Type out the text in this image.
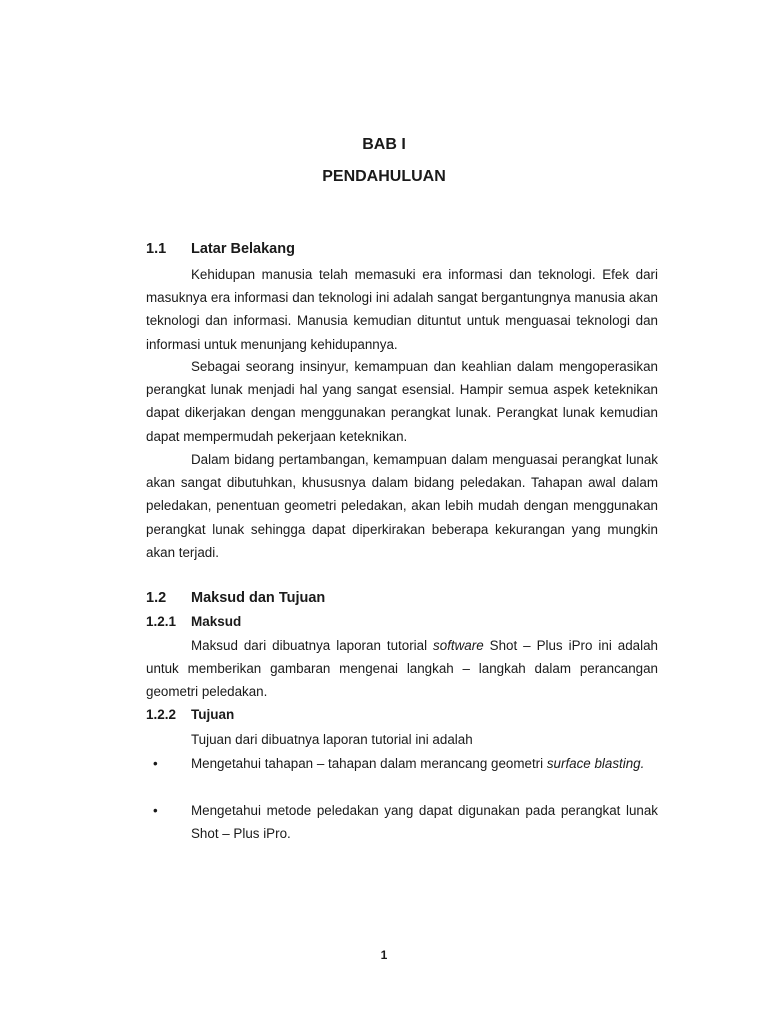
BAB I
PENDAHULUAN
1.1 Latar Belakang

Kehidupan manusia telah memasuki era informasi dan teknologi. Efek dari masuknya era informasi dan teknologi ini adalah sangat bergantungnya manusia akan teknologi dan informasi. Manusia kemudian dituntut untuk menguasai teknologi dan informasi untuk menunjang kehidupannya.

Sebagai seorang insinyur, kemampuan dan keahlian dalam mengoperasikan perangkat lunak menjadi hal yang sangat esensial. Hampir semua aspek keteknikan dapat dikerjakan dengan menggunakan perangkat lunak. Perangkat lunak kemudian dapat mempermudah pekerjaan keteknikan.

Dalam bidang pertambangan, kemampuan dalam menguasai perangkat lunak akan sangat dibutuhkan, khususnya dalam bidang peledakan. Tahapan awal dalam peledakan, penentuan geometri peledakan, akan lebih mudah dengan menggunakan perangkat lunak sehingga dapat diperkirakan beberapa kekurangan yang mungkin akan terjadi.

1.2 Maksud dan Tujuan
1.2.1 Maksud

Maksud dari dibuatnya laporan tutorial software Shot – Plus iPro ini adalah untuk memberikan gambaran mengenai langkah – langkah dalam perancangan geometri peledakan.

1.2.2 Tujuan

Tujuan dari dibuatnya laporan tutorial ini adalah

• Mengetahui tahapan – tahapan dalam merancang geometri surface blasting.
• Mengetahui metode peledakan yang dapat digunakan pada perangkat lunak Shot – Plus iPro.
1
